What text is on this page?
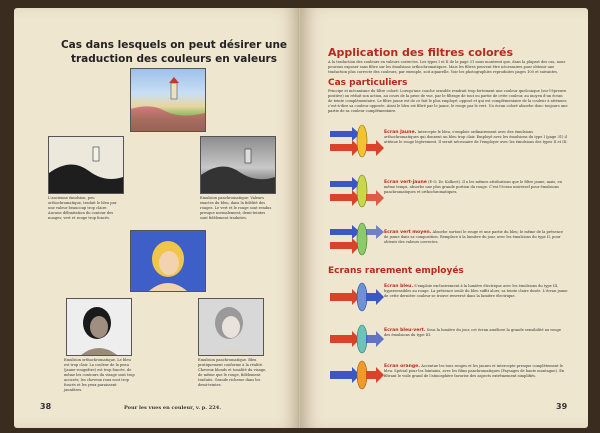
Cas dans lesquels on peut désirer une traduction des couleurs en valeurs
L'ancienne émulsion, peu orthochromatique, traduit le bleu par une valeur beaucoup trop claire. Aucune délimitation du contour des nuages; vert et rouge trop foncés.
Emulsion panchromatique: Valeurs exactes du bleu, dans la fidélité des rouges. Le vert et le rouge sont rendus presque normalement; demi-teintes sont fidèlement traduites.
Emulsion orthochromatique. Le bleu est trop clair. La couleur de la peau (jaune-rougeâtre) est trop foncée, de même les contours du visage sont trop accusés; les cheveux roux sont trop foncés et les yeux paraissent jaunâtres.
Emulsion panchromatique. Bleu pratiquement conforme à la réalité. Cheveux blonds et tonalité du visage, de même que le rouge, fidèlement traduits. Grande richesse dans les demi-teintes.
38	Pour les vues en couleur, v. p. 224.
Application des filtres colorés
A la traduction des couleurs en valeurs correctes. Les types I et II de la page 31 nous montrent que, dans la plupart des cas, nous pouvons exposer sans filtre sur les émulsions orthochromatiques. Mais les filtres peuvent être nécessaires pour obtenir une traduction plus correcte des couleurs, par exemple, soit aquarelle. Voir les photographies reproduites pages 100 et suivantes.
Cas particuliers
Principe et mécanisme du filtre coloré: Lorsqu'une couche sensible rendrait trop fortement une couleur quelconque (sur l'épreuve positive) on réduit son action, au cours de la prise de vue, par le filtrage de tout ou partie de cette couleur, au moyen d'un écran de teinte complémentaire. Le filtre jaune est de ce fait le plus employé; opposé et qui est complémentaire de la couleur à atténuer, c'est-à-dire sa couleur opposée. Ainsi le bleu est filtré par le jaune, le rouge par le vert. Un écran coloré absorbe donc toujours une partie de sa couleur complémentaire.
Ecran Jaune. Intercepte le bleu, s'emploie ordinairement avec des émulsions orthochromatiques qui donnent un bleu trop clair. Employé avec les émulsions du type I (page 31) il atténue le rouge légèrement. Il serait nécessaire de l'employer avec les émulsions des types II et III.
Ecran vert-jaune (P.-O. Dr. Kolbert). Il a les mêmes attributions que le filtre jaune, mais, en même temps, absorbe une plus grande portion du rouge. C'est l'écran universel pour émulsions panchromatiques et orthochromatiques.
Ecran vert moyen. Absorbe surtout le rouge et une partie du bleu; le même de la présence de jaune dans sa composition. Remplace à la lumière du jour, avec les émulsions du type II, pour obtenir des valeurs correctes.
Ecrans rarement employés
Ecran bleu. S'emploie exclusivement à la lumière électrique avec les émulsions du type III, hypersensibles au rouge. La présence seule du bleu suffit alors; sa teinte claire dosée. L'écran jaune de cette dernière couleur se trouve renversé dans la lumière électrique.
Ecran bleu-vert. Sous la lumière du jour, cet écran améliore la grande sensibilité au rouge des émulsions du type III.
Ecran orange. Accentue les tons rouges et les jaunes et intercepte presque complètement le bleu. Spécial pour les lointains, avec les films panchromatiques (Paysages de haute montagne). En filtrant le voile grand de l'atmosphère favorise des aspects extrêmement simplifiés.
39
